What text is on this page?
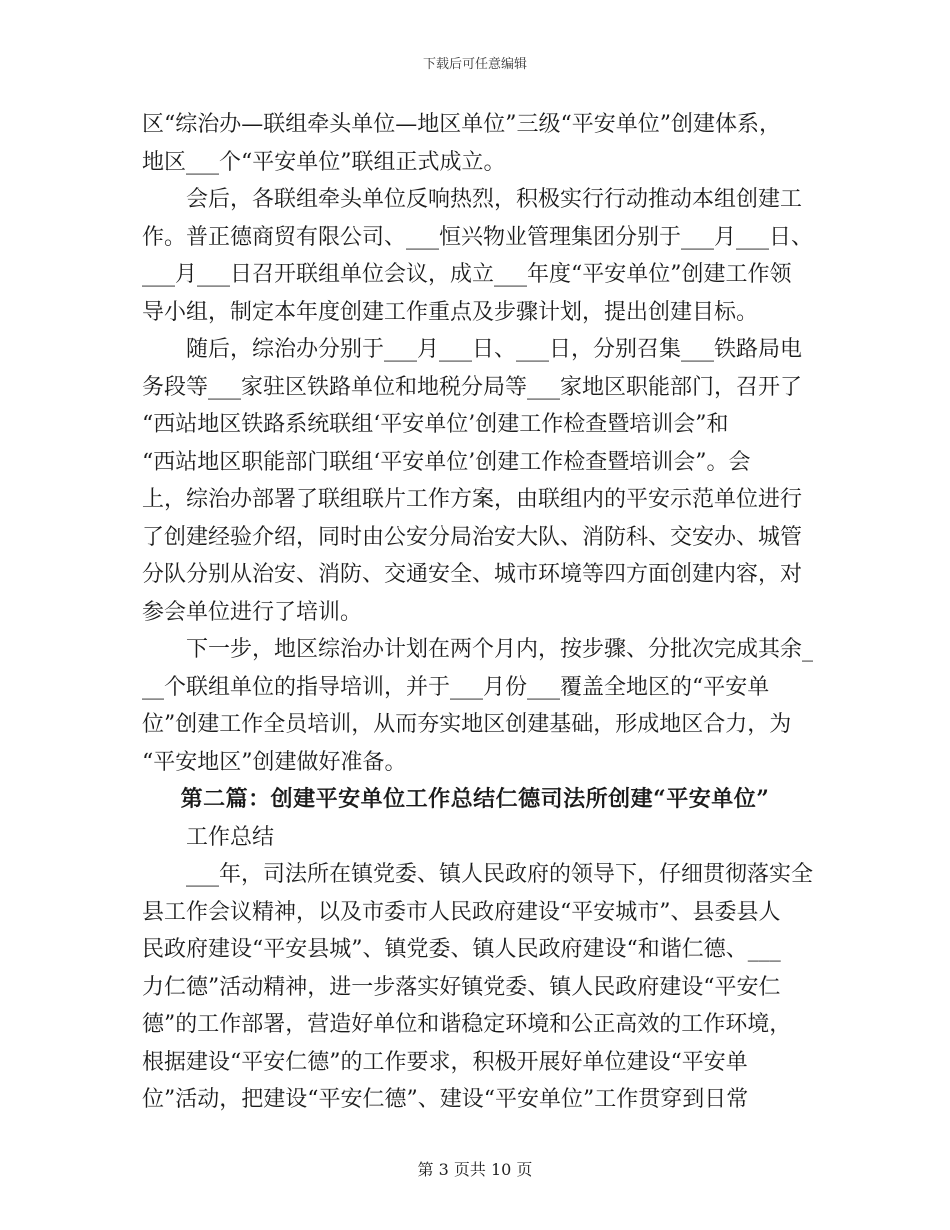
下载后可任意编辑
区“综治办—联组牵头单位—地区单位”三级“平安单位”创建体系，
地区___个“平安单位”联组正式成立。
会后，各联组牵头单位反响热烈，积极实行行动推动本组创建工
作。普正德商贸有限公司、___恒兴物业管理集团分别于___月___日、
___月___日召开联组单位会议，成立___年度“平安单位”创建工作领
导小组，制定本年度创建工作重点及步骤计划，提出创建目标。
随后，综治办分别于___月___日、___日，分别召集___铁路局电
务段等___家驻区铁路单位和地税分局等___家地区职能部门，召开了
“西站地区铁路系统联组‘平安单位’创建工作检查暨培训会”和
“西站地区职能部门联组‘平安单位’创建工作检查暨培训会”。会
上，综治办部署了联组联片工作方案，由联组内的平安示范单位进行
了创建经验介绍，同时由公安分局治安大队、消防科、交安办、城管
分队分别从治安、消防、交通安全、城市环境等四方面创建内容，对
参会单位进行了培训。
下一步，地区综治办计划在两个月内，按步骤、分批次完成其余_
__个联组单位的指导培训，并于___月份___覆盖全地区的“平安单
位”创建工作全员培训，从而夯实地区创建基础，形成地区合力，为
“平安地区”创建做好准备。
第二篇：创建平安单位工作总结仁德司法所创建“平安单位”
工作总结
___年，司法所在镇党委、镇人民政府的领导下，仔细贯彻落实全
县工作会议精神，以及市委市人民政府建设“平安城市”、县委县人
民政府建设“平安县城”、镇党委、镇人民政府建设“和谐仁德、___
力仁德”活动精神，进一步落实好镇党委、镇人民政府建设“平安仁
德”的工作部署，营造好单位和谐稳定环境和公正高效的工作环境，
根据建设“平安仁德”的工作要求，积极开展好单位建设“平安单
位”活动，把建设“平安仁德”、建设“平安单位”工作贯穿到日常
第 3 页共 10 页
